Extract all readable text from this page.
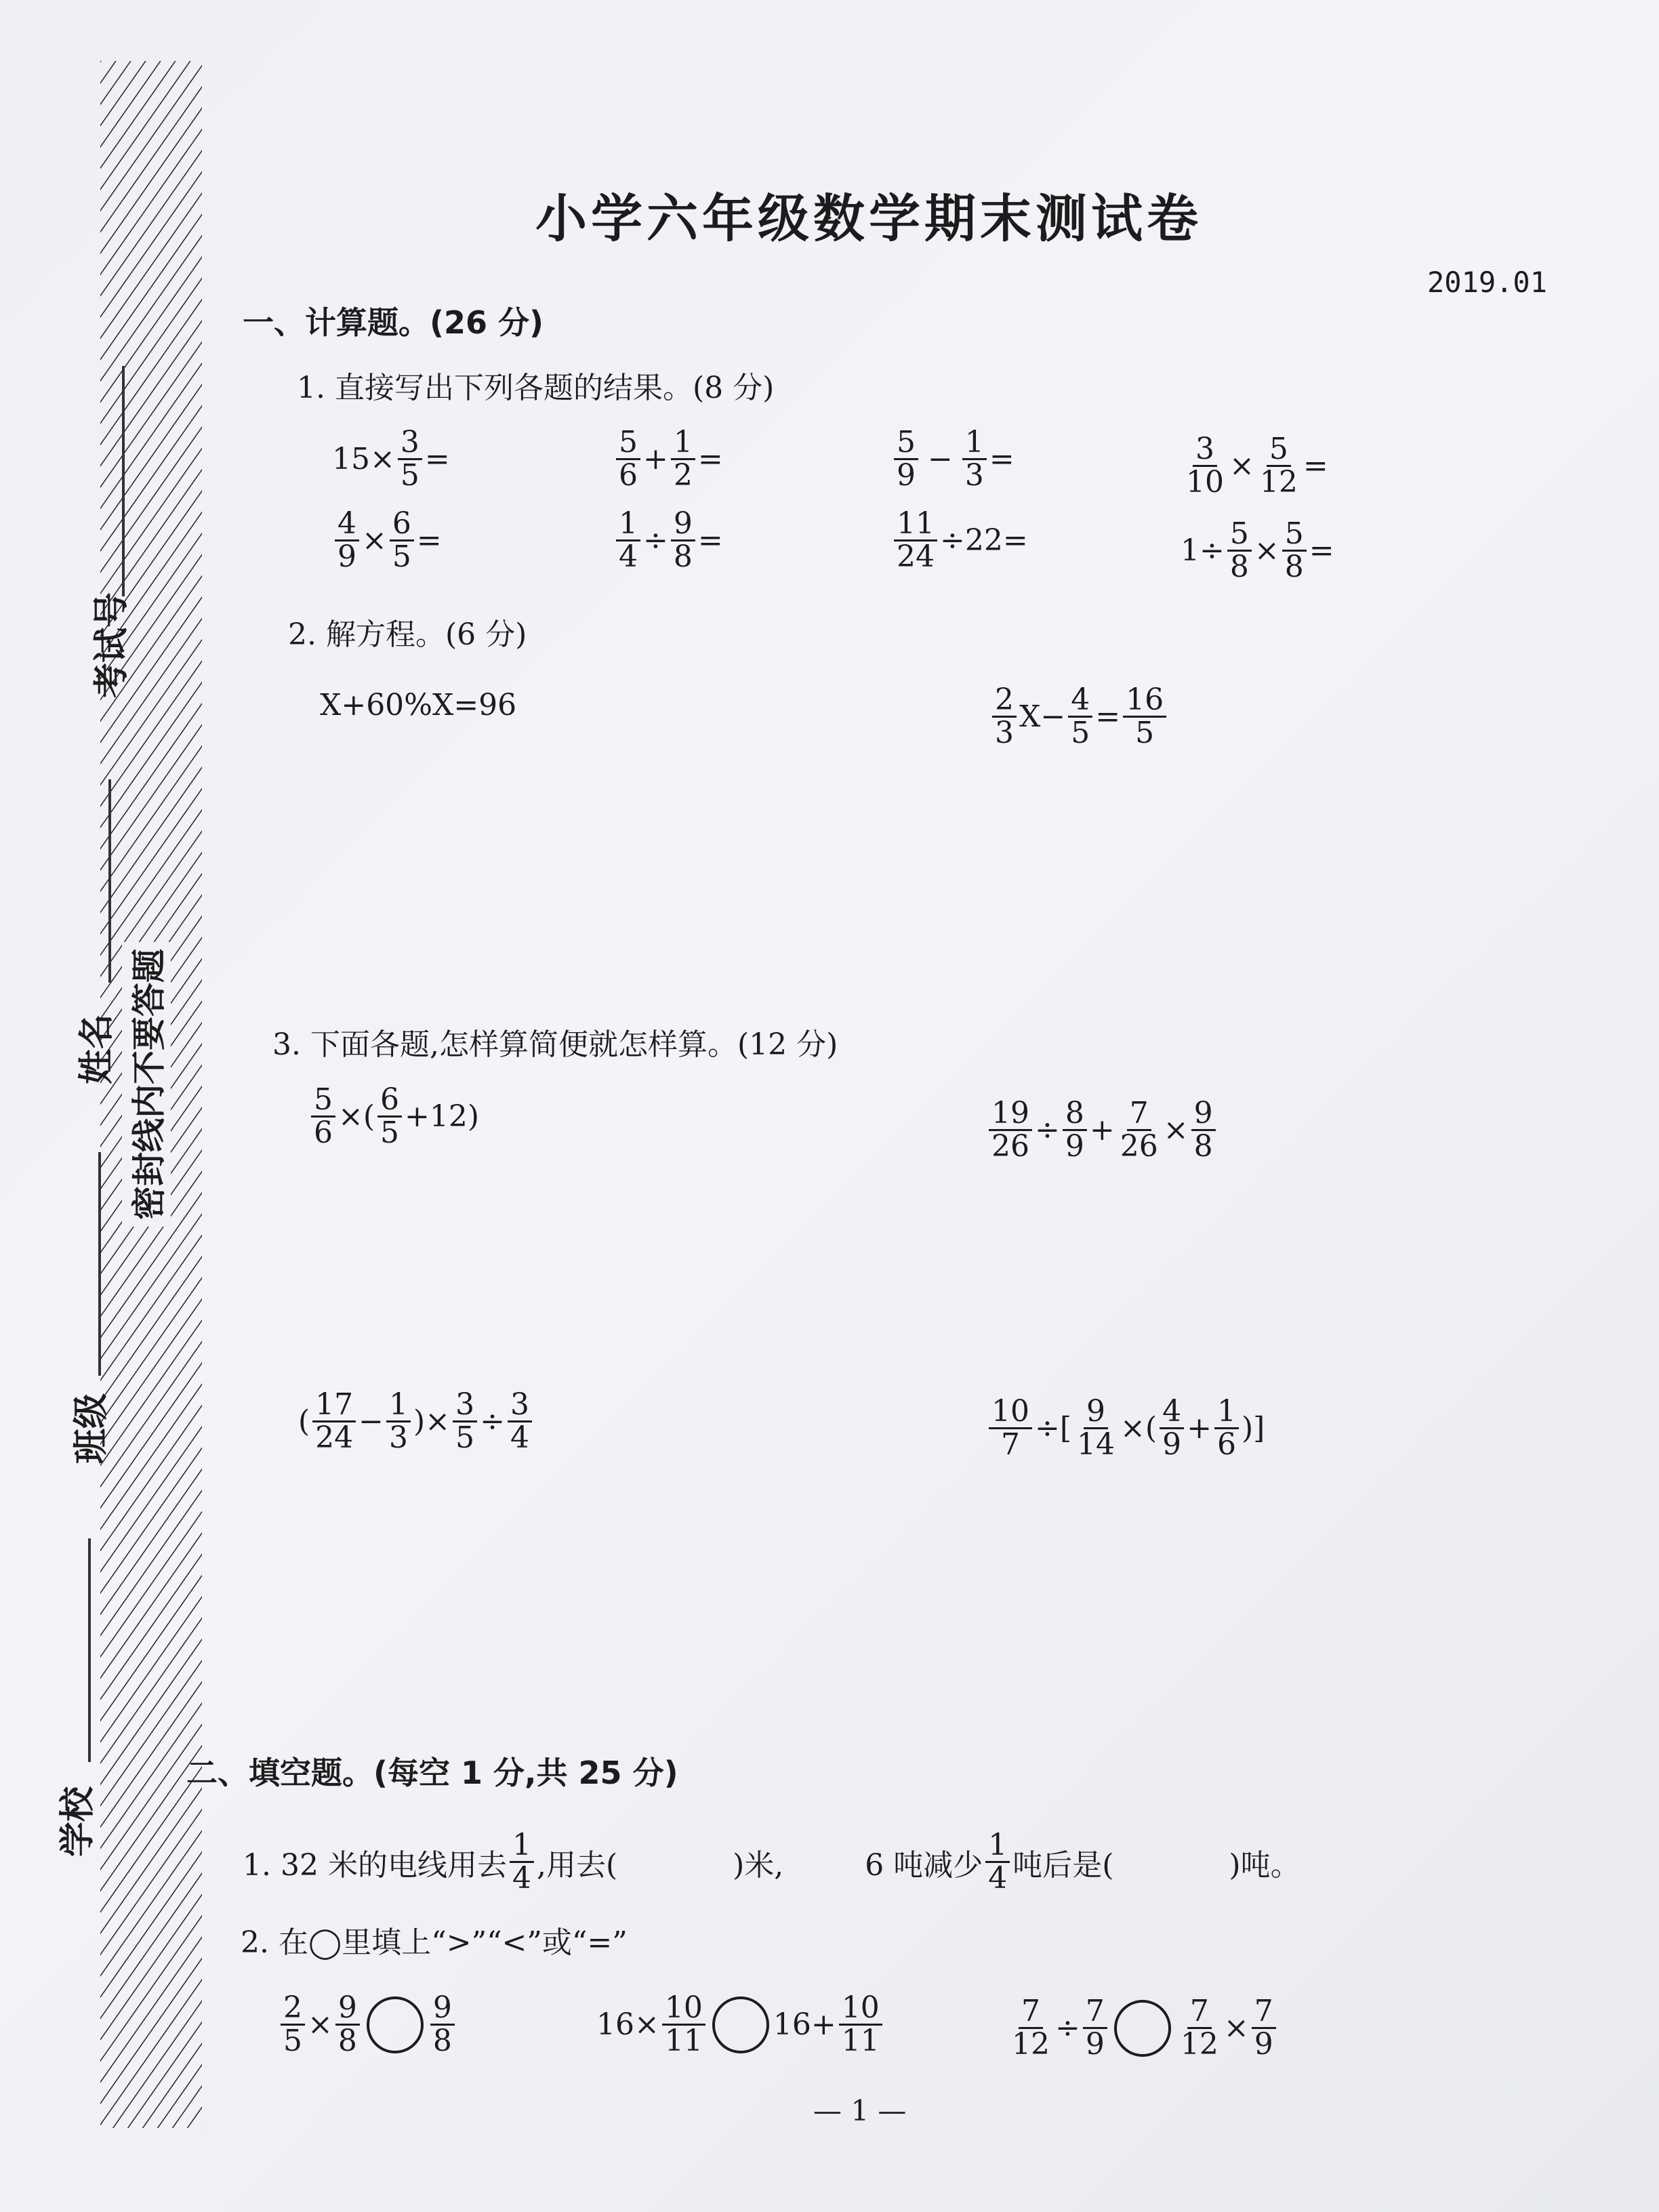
考试号
姓名
班级
学校
密封线内不要答题
小学六年级数学期末测试卷
2019.01
一、计算题。(26 分)
1. 直接写出下列各题的结果。(8 分)
$15\times \frac{3}{5}$ =	$\frac{5}{6} + \frac{1}{2}$ =	$\frac{5}{9} - \frac{1}{3}$ =	$\frac{3}{10} \times \frac{5}{12}$ =
$\frac{4}{9} \times \frac{6}{5}$ =	$\frac{1}{4} \div \frac{9}{8}$ =	$\frac{11}{24} \div 22$ =	$1 \div \frac{5}{8} \times \frac{5}{8}$ =
2. 解方程。(6 分)
X+60%X=96	$\frac{2}{3}$ $X - \frac{4}{5} = \frac{16}{5}$
3. 下面各题,怎样算简便就怎样算。(12 分)
$\frac{5}{6}$ × ( $\frac{6}{5} +12$)	$\frac{19}{26} \div \frac{8}{9} + \frac{7}{26} \times \frac{9}{8}$
( $\frac{17}{24} - \frac{1}{3}$ ) × $\frac{3}{5} \div \frac{3}{4}$	$\frac{10}{7}$ ÷ [ $\frac{9}{14}$ × ( $\frac{4}{9} + \frac{1}{6}$ )]
二、填空题。(每空 1 分,共 25 分)
1. 32 米的电线用去 $\frac{1}{4}$ ,用去(	)米,	6 吨减少 $\frac{1}{4}$ 吨后是(	)吨。
2. 在◯里填上“>”“<”或“=”
$\frac{2}{5} \times \frac{9}{8} \frac{9}{8}$	$16\times \frac{10}{11} 16+ \frac{10}{11}$	$\frac{7}{12} \div \frac{7}{9} \frac{7}{12} \times \frac{7}{9}$
— 1 —
